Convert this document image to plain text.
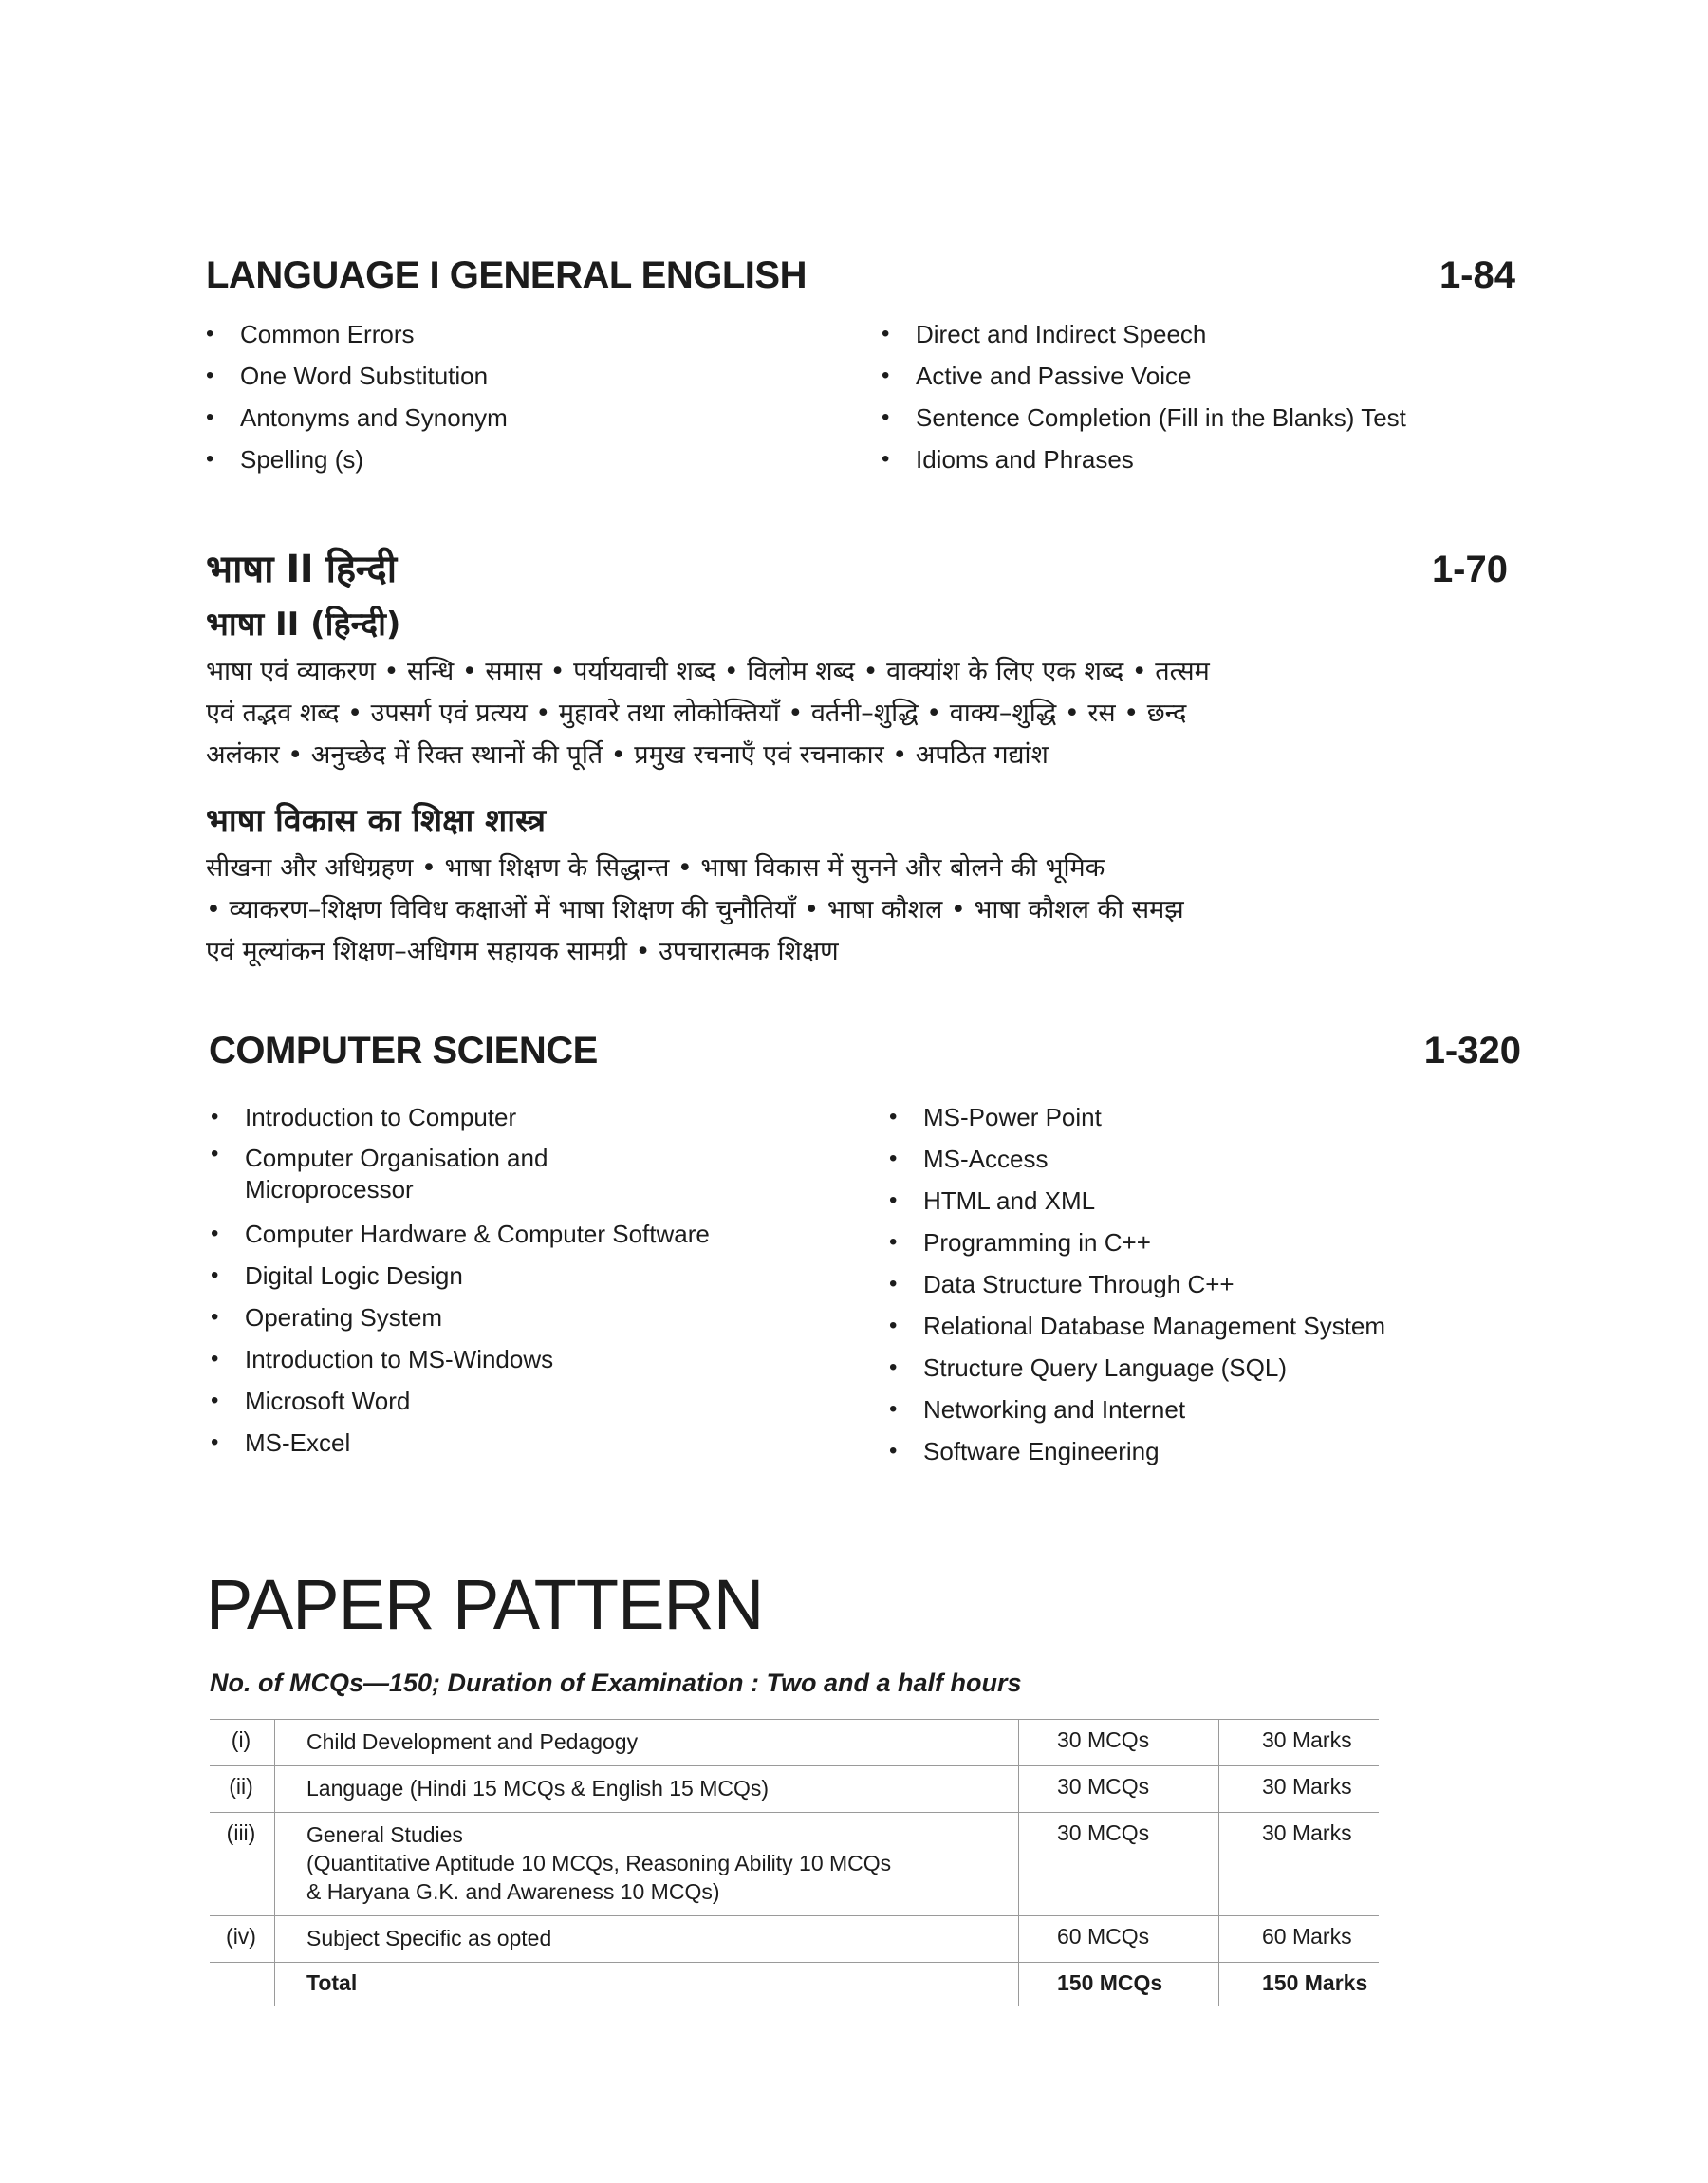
LANGUAGE I GENERAL ENGLISH	1-84
• Common Errors
• One Word Substitution
• Antonyms and Synonym
• Spelling (s)
• Direct and Indirect Speech
• Active and Passive Voice
• Sentence Completion (Fill in the Blanks) Test
• Idioms and Phrases
भाषा II हिन्दी	1-70
भाषा II (हिन्दी)
भाषा एवं व्याकरण • सन्धि • समास • पर्यायवाची शब्द • विलोम शब्द • वाक्यांश के लिए एक शब्द • तत्सम
एवं तद्भव शब्द • उपसर्ग एवं प्रत्यय • मुहावरे तथा लोकोक्तियाँ • वर्तनी–शुद्धि • वाक्य–शुद्धि • रस • छन्द
अलंकार • अनुच्छेद में रिक्त स्थानों की पूर्ति • प्रमुख रचनाएँ एवं रचनाकार • अपठित गद्यांश
भाषा विकास का शिक्षा शास्त्र
सीखना और अधिग्रहण • भाषा शिक्षण के सिद्धान्त • भाषा विकास में सुनने और बोलने की भूमिक
• व्याकरण–शिक्षण विविध कक्षाओं में भाषा शिक्षण की चुनौतियाँ • भाषा कौशल • भाषा कौशल की समझ
एवं मूल्यांकन शिक्षण–अधिगम सहायक सामग्री • उपचारात्मक शिक्षण
COMPUTER SCIENCE	1-320
• Introduction to Computer
• Computer Organisation and
Microprocessor
• Computer Hardware & Computer Software
• Digital Logic Design
• Operating System
• Introduction to MS-Windows
• Microsoft Word
• MS-Excel
• MS-Power Point
• MS-Access
• HTML and XML
• Programming in C++
• Data Structure Through C++
• Relational Database Management System
• Structure Query Language (SQL)
• Networking and Internet
• Software Engineering
PAPER PATTERN
No. of MCQs—150; Duration of Examination : Two and a half hours
(i)	Child Development and Pedagogy	30 MCQs	30 Marks
(ii)	Language (Hindi 15 MCQs & English 15 MCQs)	30 MCQs	30 Marks
(iii)	General Studies
(Quantitative Aptitude 10 MCQs, Reasoning Ability 10 MCQs
& Haryana G.K. and Awareness 10 MCQs)	30 MCQs	30 Marks
(iv)	Subject Specific as opted	60 MCQs	60 Marks
	Total	150 MCQs	150 Marks
